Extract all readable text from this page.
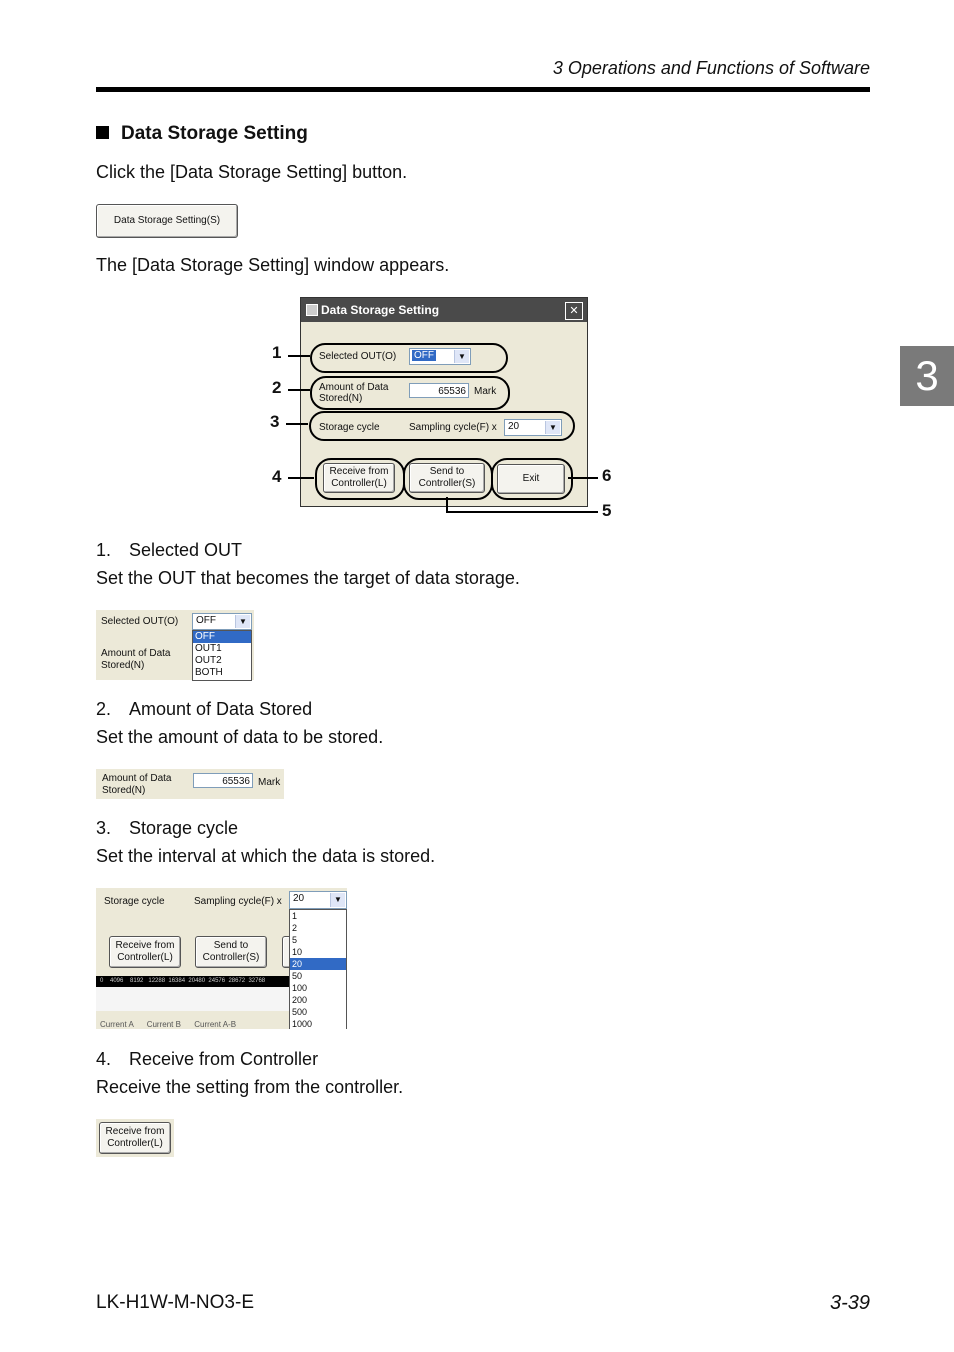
3 Operations and Functions of Software
3
Data Storage Setting
Click the [Data Storage Setting] button.
Data Storage Setting(S)
The [Data Storage Setting] window appears.
Data Storage Setting	✕
Selected OUT(O) OFF	▼
Amount of Data Stored(N)
65536 Mark
Storage cycle	Sampling cycle(F) x 20	▼
Receive from Controller(L)
Send to Controller(S)	Exit
1
2
3
4	6
5
1. Selected OUT
Set the OUT that becomes the target of data storage.
Selected OUT(O) OFF	▼
OFF
OUT1
OUT2
BOTH
Amount of Data Stored(N)
2. Amount of Data Stored
Set the amount of data to be stored.
Amount of Data Stored(N)
65536 Mark
3. Storage cycle
Set the interval at which the data is stored.
Storage cycle	Sampling cycle(F) x
Receive from Controller(L)
Send to Controller(S)
0    4096    8192   12288  16384  20480  24576  28672  32768
Current A      Current B      Current A-B
20	▼
1
2
5
10
20
50
100
200
500
1000
4. Receive from Controller
Receive the setting from the controller.
Receive from Controller(L)
LK-H1W-M-NO3-E	3-39
